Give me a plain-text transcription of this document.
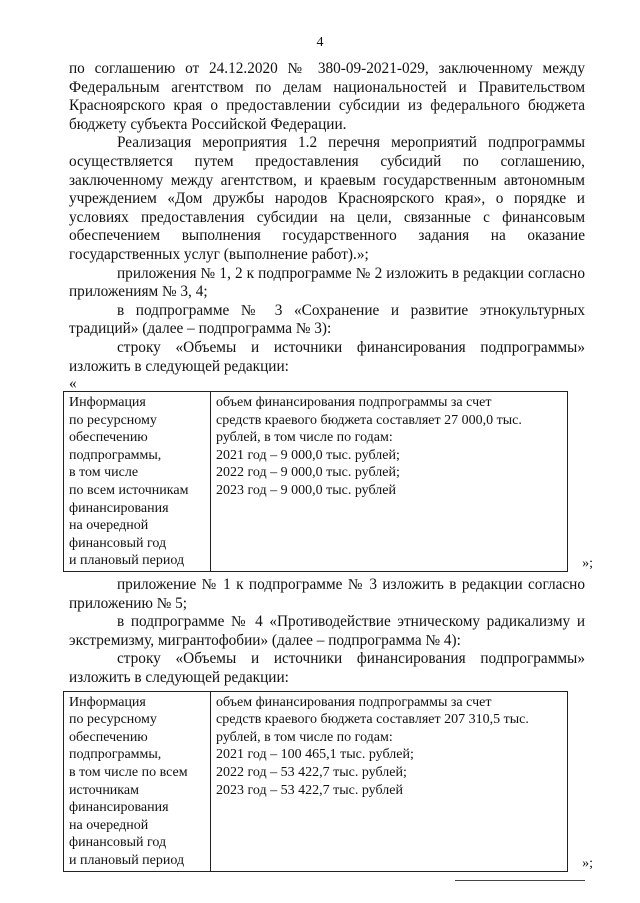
4

по соглашению от 24.12.2020 № 380-09-2021-029, заключенному между Федеральным агентством по делам национальностей и Правительством Красноярского края о предоставлении субсидии из федерального бюджета бюджету субъекта Российской Федерации.

Реализация мероприятия 1.2 перечня мероприятий подпрограммы осуществляется путем предоставления субсидий по соглашению, заключенному между агентством, и краевым государственным автономным учреждением «Дом дружбы народов Красноярского края», о порядке и условиях предоставления субсидии на цели, связанные с финансовым обеспечением выполнения государственного задания на оказание государственных услуг (выполнение работ).»;

приложения № 1, 2 к подпрограмме № 2 изложить в редакции согласно приложениям № 3, 4;

в подпрограмме № 3 «Сохранение и развитие этнокультурных традиций» (далее – подпрограмма № 3):

строку «Объемы и источники финансирования подпрограммы» изложить в следующей редакции:

«

Информация
по ресурсному
обеспечению
подпрограммы,
в том числе
по всем источникам
финансирования
на очередной
финансовый год
и плановый период

объем финансирования подпрограммы за счет
средств краевого бюджета составляет 27 000,0 тыс.
рублей, в том числе по годам:
2021 год – 9 000,0 тыс. рублей;
2022 год – 9 000,0 тыс. рублей;
2023 год – 9 000,0 тыс. рублей
»;

приложение № 1 к подпрограмме № 3 изложить в редакции согласно приложению № 5;

в подпрограмме № 4 «Противодействие этническому радикализму и экстремизму, мигрантофобии» (далее – подпрограмма № 4):

строку «Объемы и источники финансирования подпрограммы» изложить в следующей редакции:

Информация
по ресурсному
обеспечению
подпрограммы,
в том числе по всем
источникам
финансирования
на очередной
финансовый год
и плановый период

объем финансирования подпрограммы за счет
средств краевого бюджета составляет 207 310,5 тыс.
рублей, в том числе по годам:
2021 год – 100 465,1 тыс. рублей;
2022 год – 53 422,7 тыс. рублей;
2023 год – 53 422,7 тыс. рублей
»;
